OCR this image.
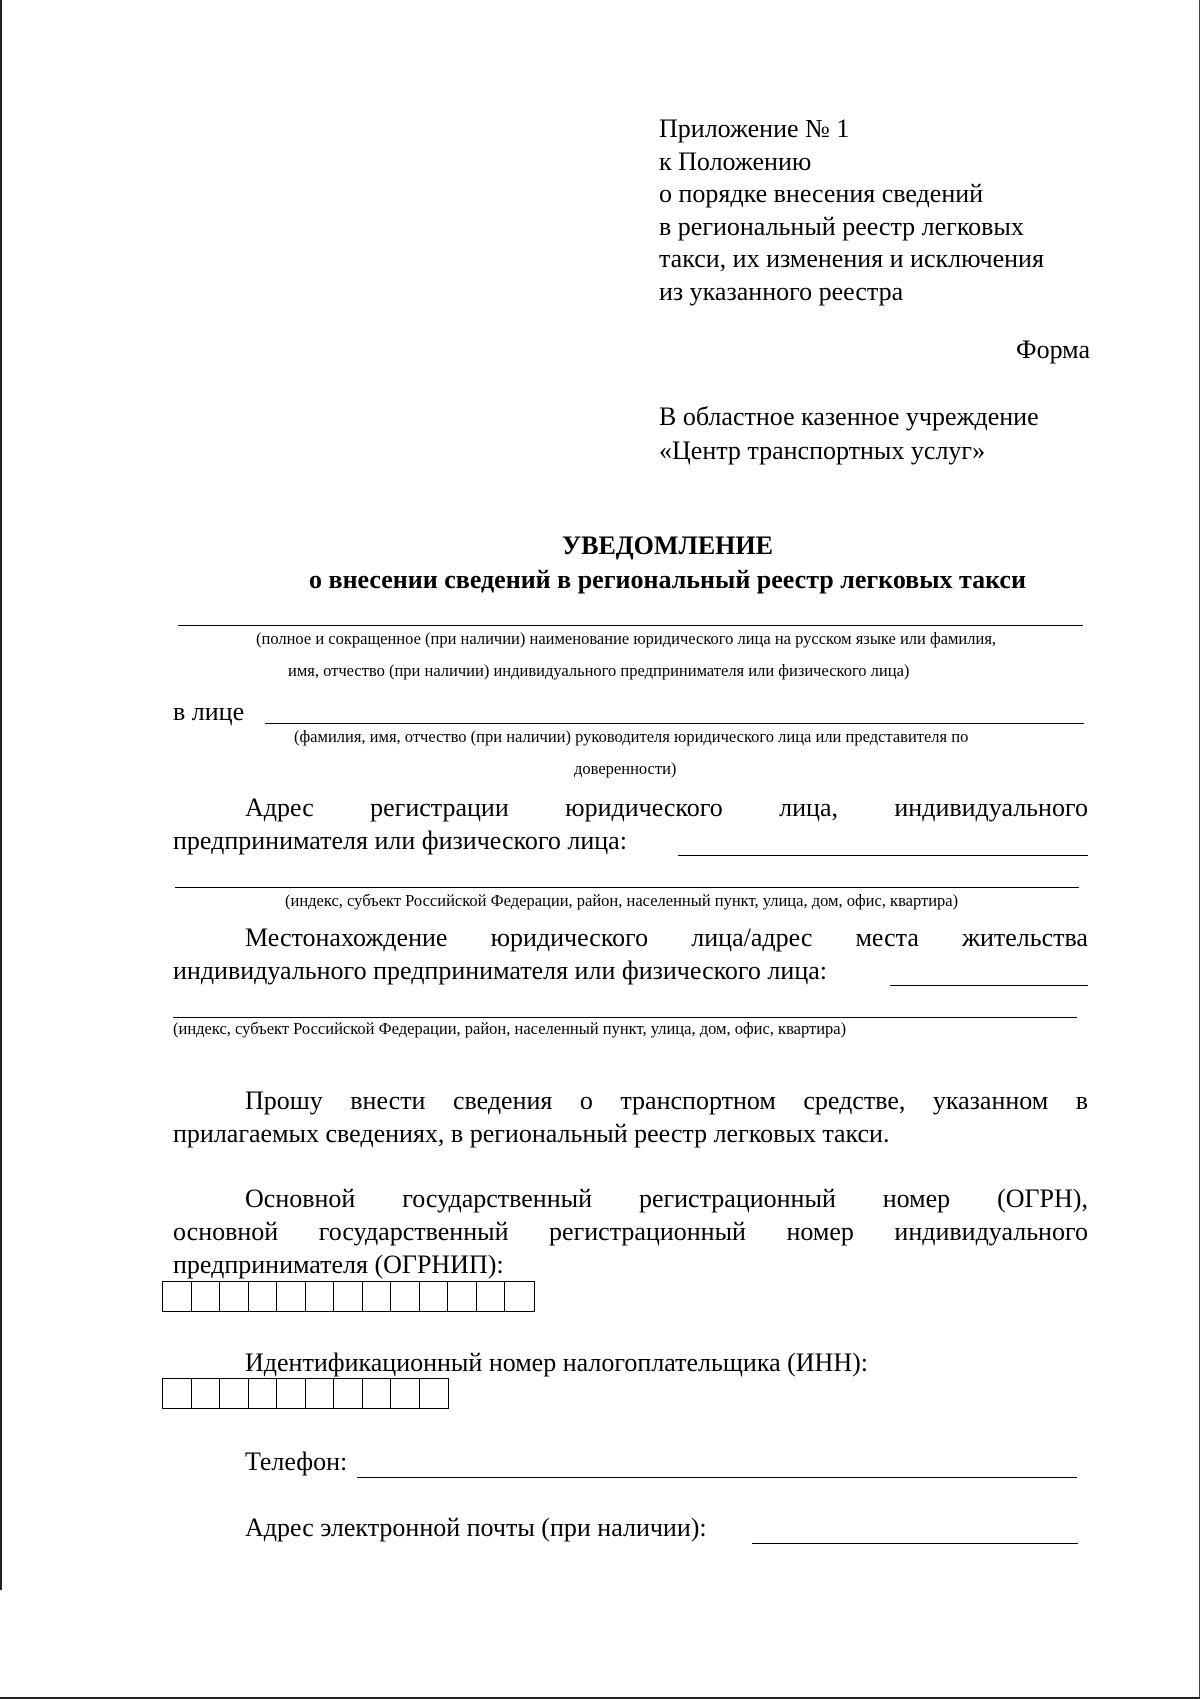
Приложение № 1
к Положению
о порядке внесения сведений
в региональный реестр легковых
такси, их изменения и исключения
из указанного реестра
Форма
В областное казенное учреждение
«Центр транспортных услуг»
УВЕДОМЛЕНИЕ
о внесении сведений в региональный реестр легковых такси
(полное и сокращенное (при наличии) наименование юридического лица на русском языке или фамилия,
имя, отчество (при наличии) индивидуального предпринимателя или физического лица)
в лице
(фамилия, имя, отчество (при наличии) руководителя юридического лица или представителя по
доверенности)
Адрес регистрации юридического лица, индивидуального
предпринимателя или физического лица:
(индекс, субъект Российской Федерации, район, населенный пункт, улица, дом, офис, квартира)
Местонахождение юридического лица/адрес места жительства
индивидуального предпринимателя или физического лица:
(индекс, субъект Российской Федерации, район, населенный пункт, улица, дом, офис, квартира)
Прошу внести сведения о транспортном средстве, указанном в
прилагаемых сведениях, в региональный реестр легковых такси.
Основной государственный регистрационный номер (ОГРН),
основной государственный регистрационный номер индивидуального
предпринимателя (ОГРНИП):
Идентификационный номер налогоплательщика (ИНН):
Телефон:
Адрес электронной почты (при наличии):
